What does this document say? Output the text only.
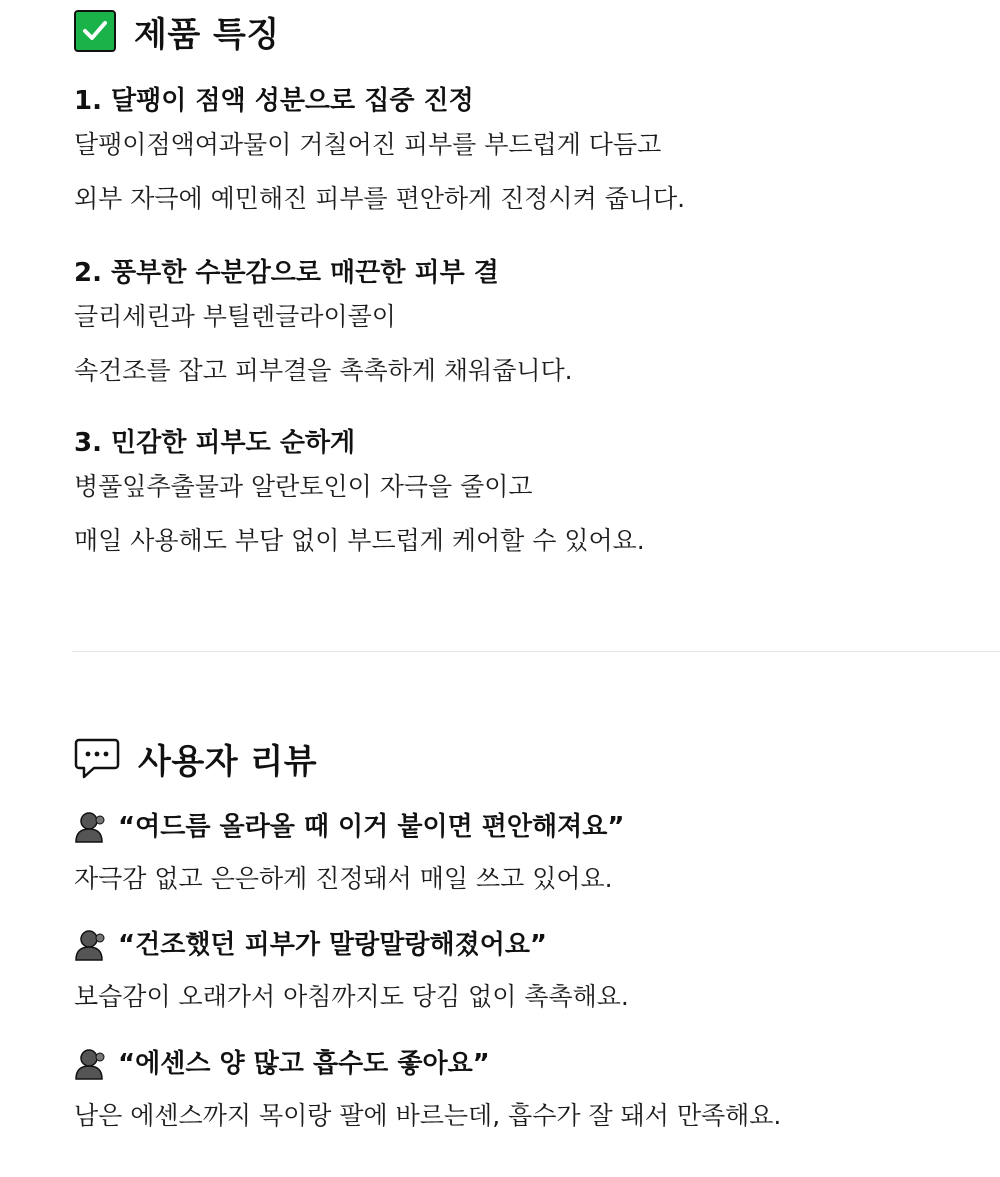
제품 특징
1. 달팽이 점액 성분으로 집중 진정
달팽이점액여과물이 거칠어진 피부를 부드럽게 다듬고
외부 자극에 예민해진 피부를 편안하게 진정시켜 줍니다.
2. 풍부한 수분감으로 매끈한 피부 결
글리세린과 부틸렌글라이콜이
속건조를 잡고 피부결을 촉촉하게 채워줍니다.
3. 민감한 피부도 순하게
병풀잎추출물과 알란토인이 자극을 줄이고
매일 사용해도 부담 없이 부드럽게 케어할 수 있어요.
사용자 리뷰
“여드름 올라올 때 이거 붙이면 편안해져요”
자극감 없고 은은하게 진정돼서 매일 쓰고 있어요.
“건조했던 피부가 말랑말랑해졌어요”
보습감이 오래가서 아침까지도 당김 없이 촉촉해요.
“에센스 양 많고 흡수도 좋아요”
남은 에센스까지 목이랑 팔에 바르는데, 흡수가 잘 돼서 만족해요.
